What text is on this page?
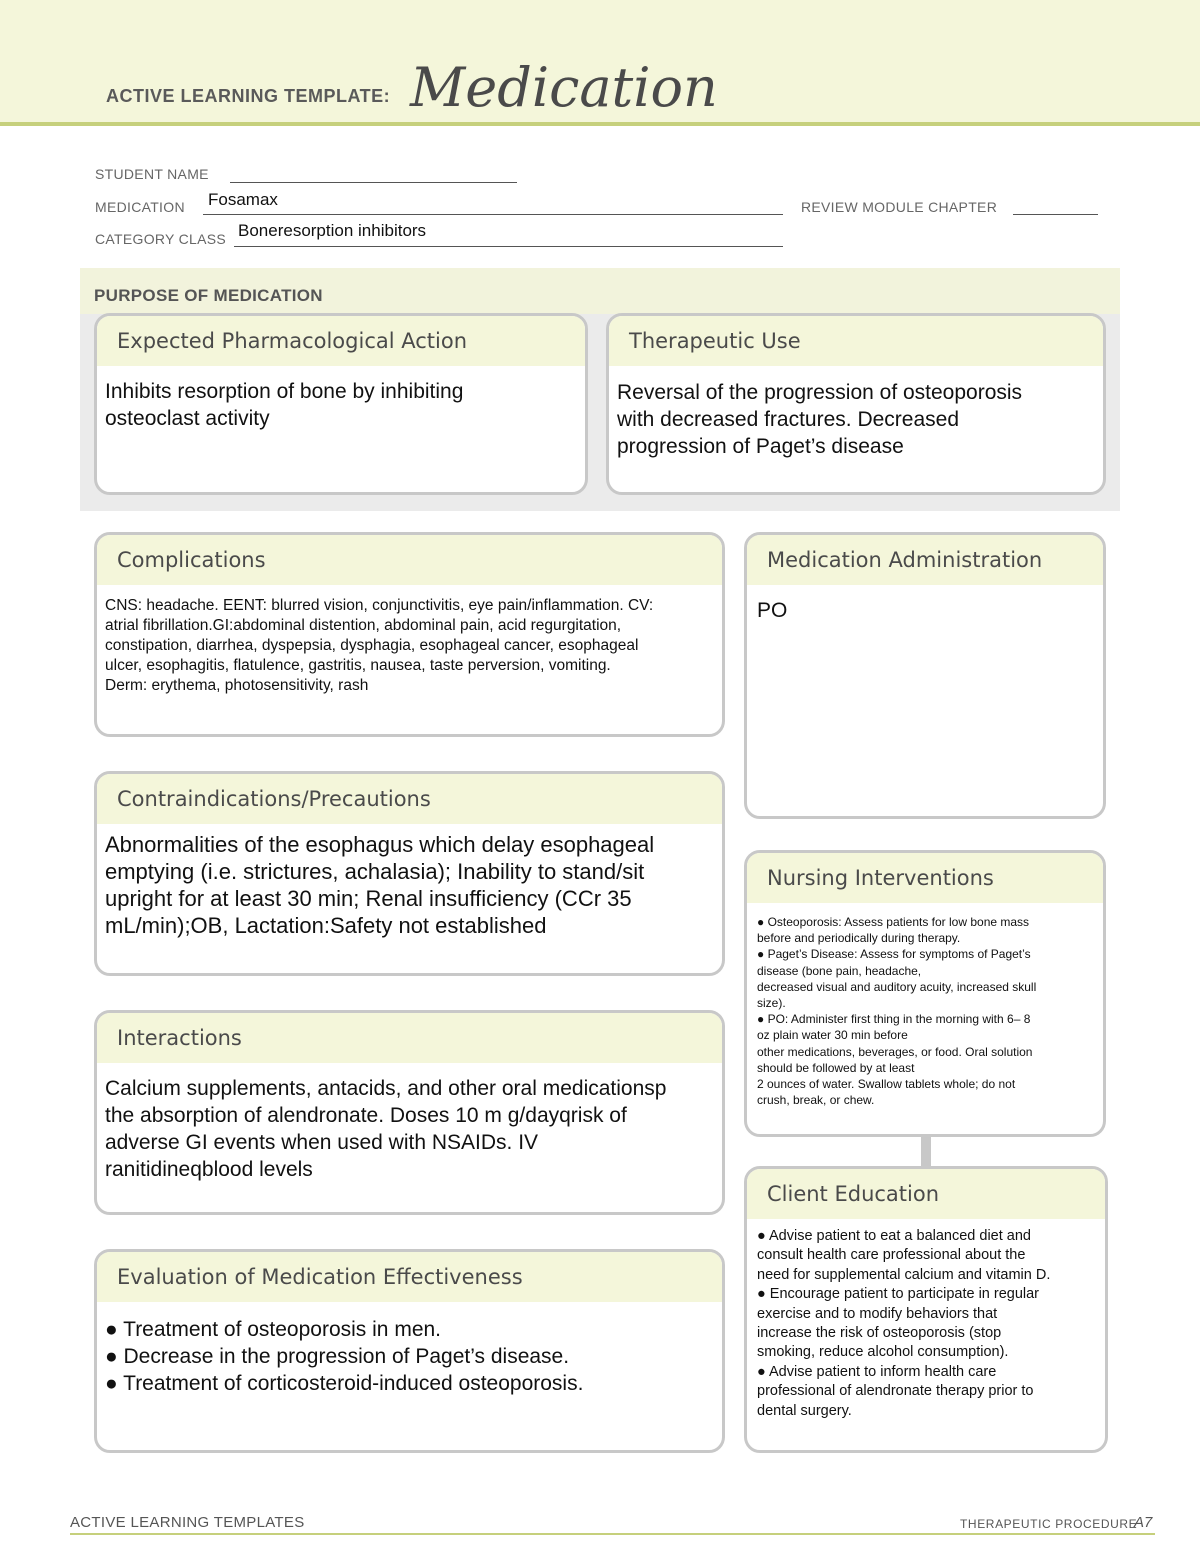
ACTIVE LEARNING TEMPLATE: Medication
STUDENT NAME
MEDICATION Fosamax	REVIEW MODULE CHAPTER
CATEGORY CLASS Boneresorption inhibitors
PURPOSE OF MEDICATION
Expected Pharmacological Action
Inhibits resorption of bone by inhibiting
osteoclast activity
Therapeutic Use
Reversal of the progression of osteoporosis
with decreased fractures. Decreased
progression of Paget’s disease
Complications
CNS: headache. EENT: blurred vision, conjunctivitis, eye pain/inflammation. CV:
atrial fibrillation.GI:abdominal distention, abdominal pain, acid regurgitation,
constipation, diarrhea, dyspepsia, dysphagia, esophageal cancer, esophageal
ulcer, esophagitis, flatulence, gastritis, nausea, taste perversion, vomiting.
Derm: erythema, photosensitivity, rash
Medication Administration
PO
Contraindications/Precautions
Abnormalities of the esophagus which delay esophageal
emptying (i.e. strictures, achalasia); Inability to stand/sit
upright for at least 30 min; Renal insufficiency (CCr 35
mL/min);OB, Lactation:Safety not established
Nursing Interventions
● Osteoporosis: Assess patients for low bone mass
before and periodically during therapy.
● Paget’s Disease: Assess for symptoms of Paget’s
disease (bone pain, headache,
decreased visual and auditory acuity, increased skull
size).
● PO: Administer first thing in the morning with 6– 8
oz plain water 30 min before
other medications, beverages, or food. Oral solution
should be followed by at least
2 ounces of water. Swallow tablets whole; do not
crush, break, or chew.
Interactions
Calcium supplements, antacids, and other oral medicationsp
the absorption of alendronate. Doses 10 m g/dayqrisk of
adverse GI events when used with NSAIDs. IV
ranitidineqblood levels
Client Education
● Advise patient to eat a balanced diet and
consult health care professional about the
need for supplemental calcium and vitamin D.
● Encourage patient to participate in regular
exercise and to modify behaviors that
increase the risk of osteoporosis (stop
smoking, reduce alcohol consumption).
● Advise patient to inform health care
professional of alendronate therapy prior to
dental surgery.
Evaluation of Medication Effectiveness
● Treatment of osteoporosis in men.
● Decrease in the progression of Paget’s disease.
● Treatment of corticosteroid-induced osteoporosis.
ACTIVE LEARNING TEMPLATES	THERAPEUTIC PROCEDURE
A7
